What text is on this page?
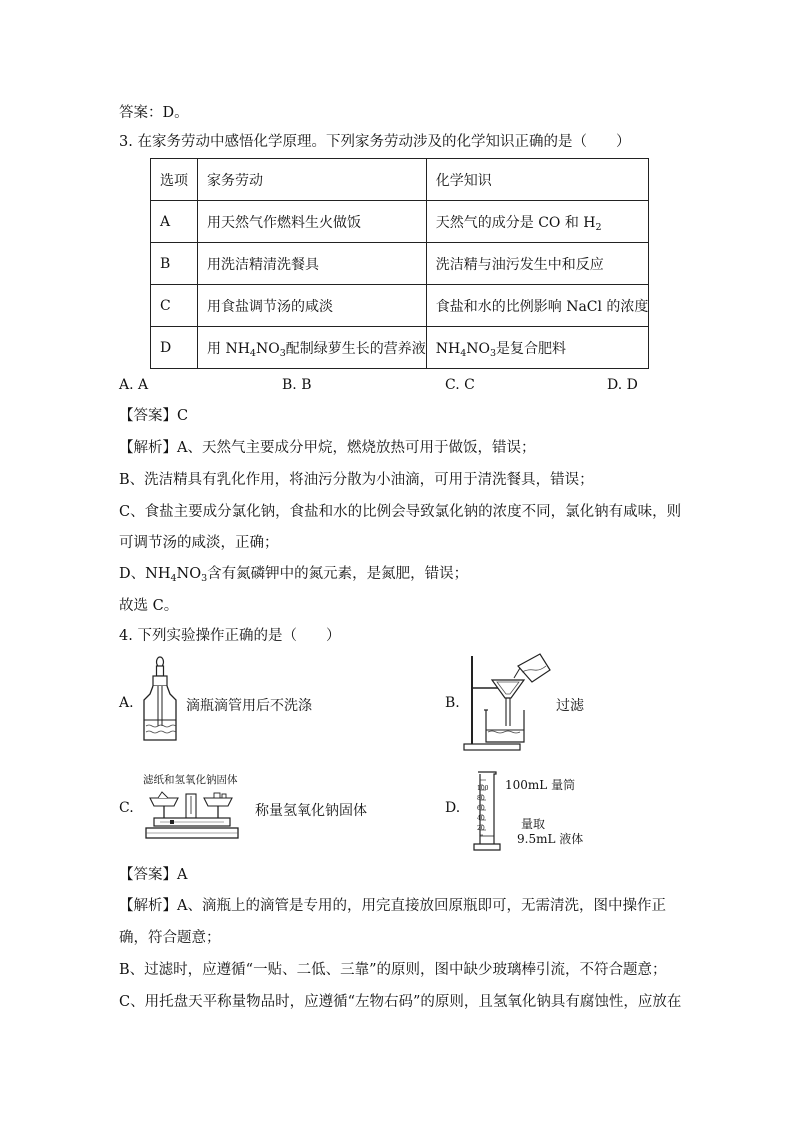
答案：D。
3. 在家务劳动中感悟化学原理。下列家务劳动涉及的化学知识正确的是（　　）
选项	家务劳动	化学知识
A	用天然气作燃料生火做饭	天然气的成分是 CO 和 $H_2$
B	用洗洁精清洗餐具	洗洁精与油污发生中和反应
C	用食盐调节汤的咸淡	食盐和水的比例影响 NaCl 的浓度
D	用 $NH_4NO_3$配制绿萝生长的营养液	$NH_4NO_3$是复合肥料
A. A	B. B	C. C	D. D
【答案】C
【解析】A、天然气主要成分甲烷，燃烧放热可用于做饭，错误；
B、洗洁精具有乳化作用，将油污分散为小油滴，可用于清洗餐具，错误；
C、食盐主要成分氯化钠，食盐和水的比例会导致氯化钠的浓度不同，氯化钠有咸味，则
可调节汤的咸淡，正确；
D、$NH_4NO_3$含有氮磷钾中的氮元素，是氮肥，错误；
故选 C。
4. 下列实验操作正确的是（　　）
A.	滴瓶滴管用后不洗涤	B.	过滤
C.
滤纸和氢氧化钠固体
称量氢氧化钠固体	D.
100
80
60
40
20
100mL 量筒
量取
9.5mL 液体
【答案】A
【解析】A、滴瓶上的滴管是专用的，用完直接放回原瓶即可，无需清洗，图中操作正
确，符合题意；
B、过滤时，应遵循“一贴、二低、三靠”的原则，图中缺少玻璃棒引流，不符合题意；
C、用托盘天平称量物品时，应遵循“左物右码”的原则，且氢氧化钠具有腐蚀性，应放在
